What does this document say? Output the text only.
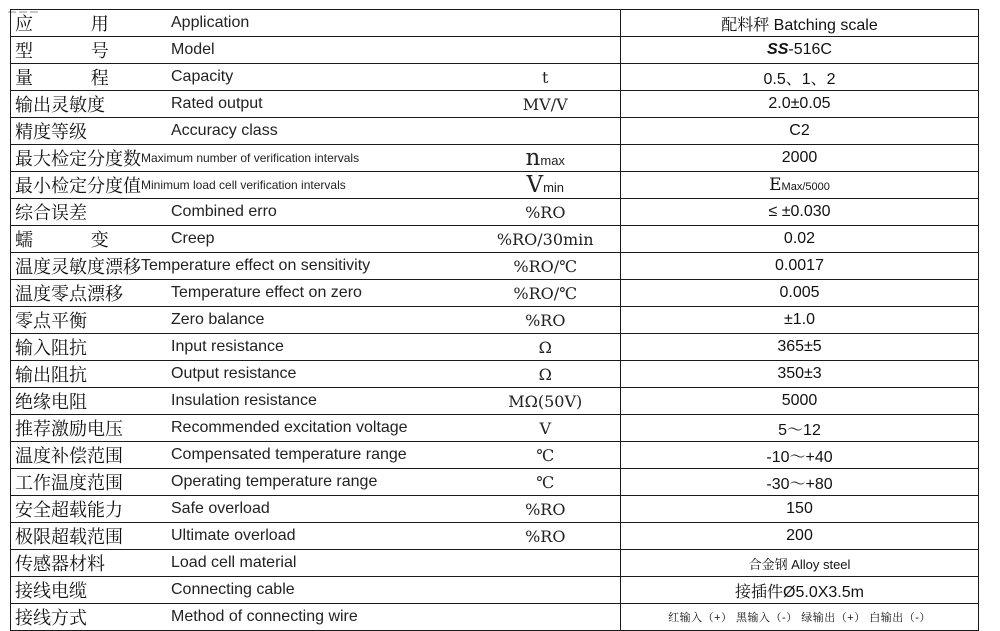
应 用 Application		配料秤 Batching scale
型 号 Model		SS-516C
量 程 Capacity	t	0.5、1、2
输出灵敏度 Rated output	MV/V	2.0±0.05
精度等级 Accuracy class		C2
最大检定分度数Maximum number of verification intervals	nmax	2000
最小检定分度值Minimum load cell verification intervals	Vmin	EMax/5000
综合误差 Combined erro	%RO	≤ ±0.030
蠕 变 Creep	%RO/30min	0.02
温度灵敏度漂移Temperature effect on sensitivity	%RO/℃	0.0017
温度零点漂移 Temperature effect on zero	%RO/℃	0.005
零点平衡 Zero balance	%RO	±1.0
输入阻抗 Input resistance	Ω	365±5
输出阻抗 Output resistance	Ω	350±3
绝缘电阻 Insulation resistance	MΩ(50V)	5000
推荐激励电压 Recommended excitation voltage	V	5～12
温度补偿范围 Compensated temperature range	℃	-10～+40
工作温度范围 Operating temperature range	℃	-30～+80
安全超载能力 Safe overload	%RO	150
极限超载范围 Ultimate overload	%RO	200
传感器材料 Load cell material		合金钢 Alloy steel
接线电缆 Connecting cable		接插件Ø5.0X3.5m
接线方式 Method of connecting wire		红输入（+） 黑输入（-） 绿输出（+） 白输出（-）
